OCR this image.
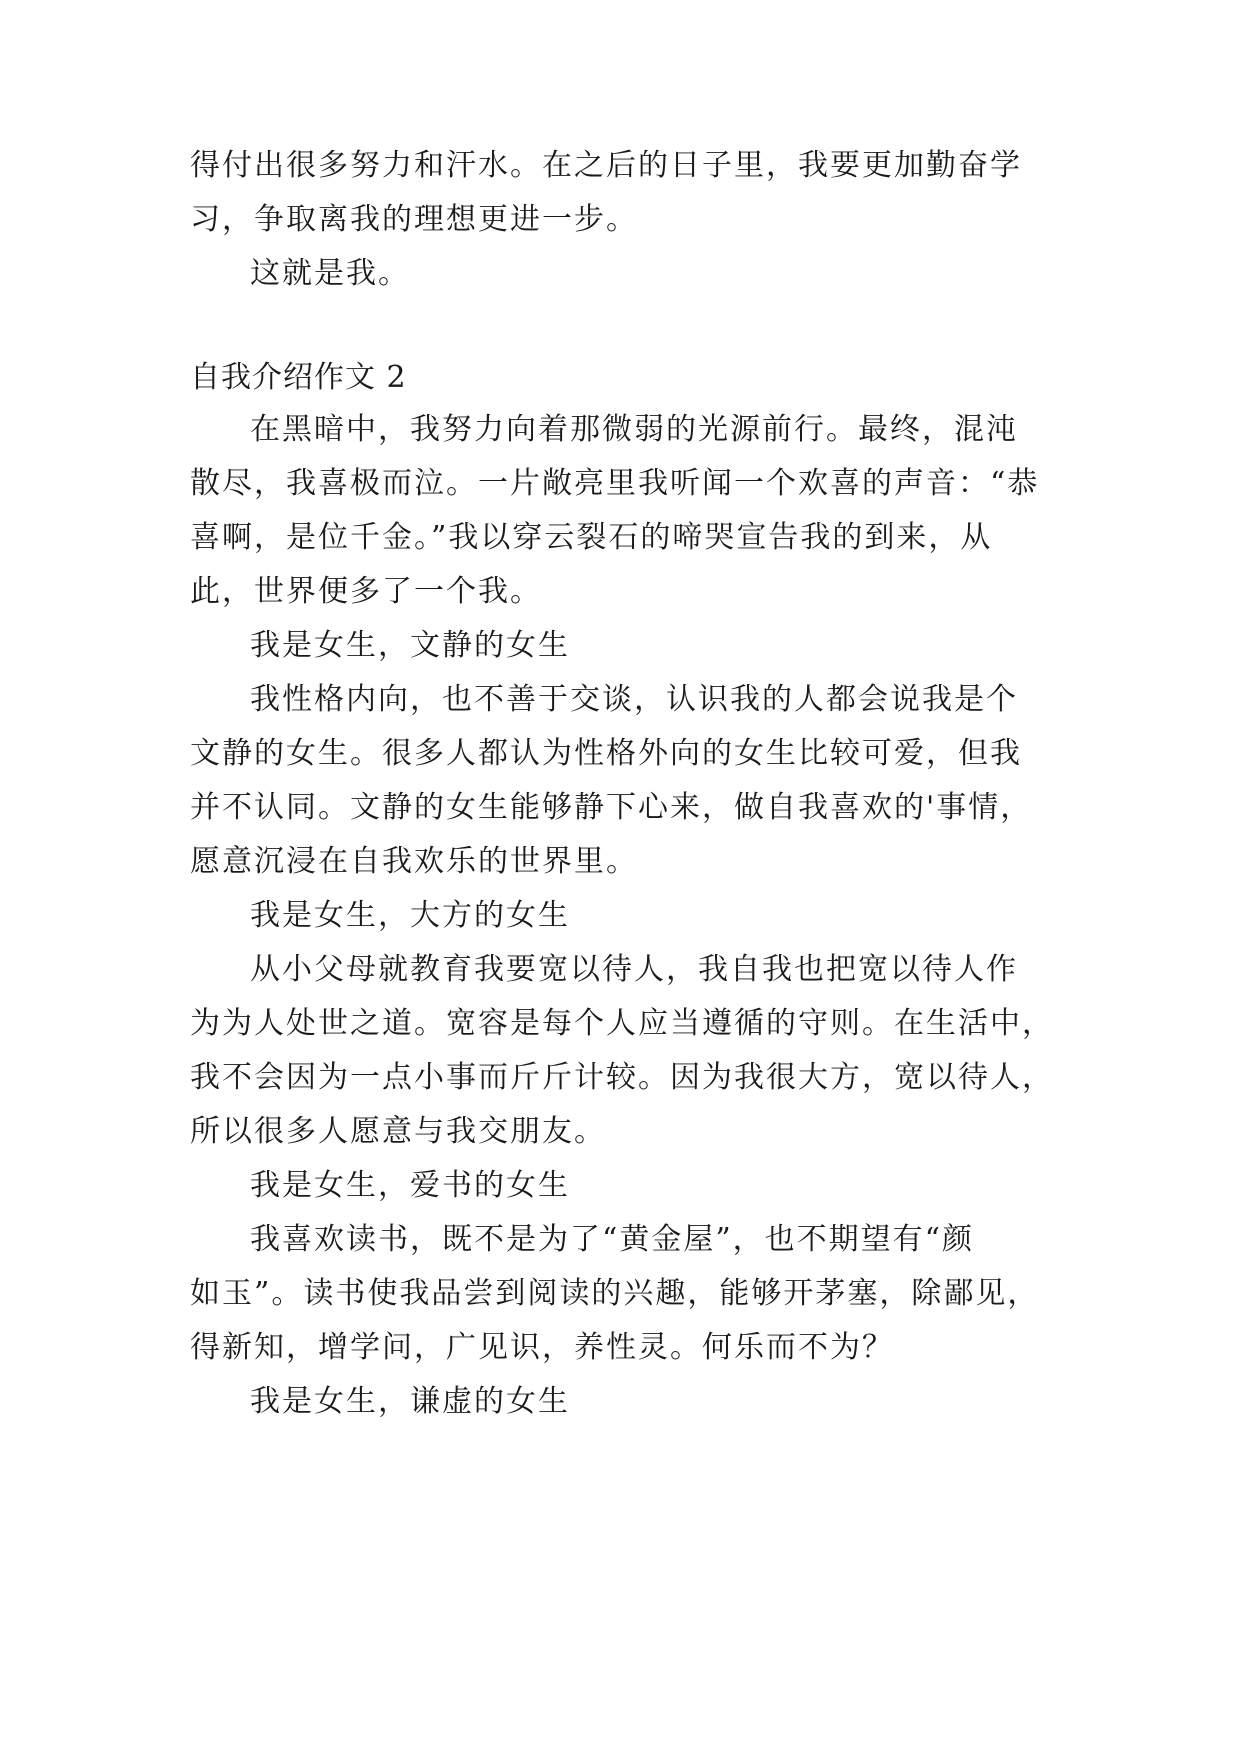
得付出很多努力和汗水。在之后的日子里，我要更加勤奋学
习，争取离我的理想更进一步。
这就是我。
自我介绍作文 2
在黑暗中，我努力向着那微弱的光源前行。最终，混沌
散尽，我喜极而泣。一片敞亮里我听闻一个欢喜的声音：“恭
喜啊，是位千金。”我以穿云裂石的啼哭宣告我的到来，从
此，世界便多了一个我。
我是女生，文静的女生
我性格内向，也不善于交谈，认识我的人都会说我是个
文静的女生。很多人都认为性格外向的女生比较可爱，但我
并不认同。文静的女生能够静下心来，做自我喜欢的'事情，
愿意沉浸在自我欢乐的世界里。
我是女生，大方的女生
从小父母就教育我要宽以待人，我自我也把宽以待人作
为为人处世之道。宽容是每个人应当遵循的守则。在生活中，
我不会因为一点小事而斤斤计较。因为我很大方，宽以待人，
所以很多人愿意与我交朋友。
我是女生，爱书的女生
我喜欢读书，既不是为了“黄金屋”，也不期望有“颜
如玉”。读书使我品尝到阅读的兴趣，能够开茅塞，除鄙见，
得新知，增学问，广见识，养性灵。何乐而不为？
我是女生，谦虚的女生
